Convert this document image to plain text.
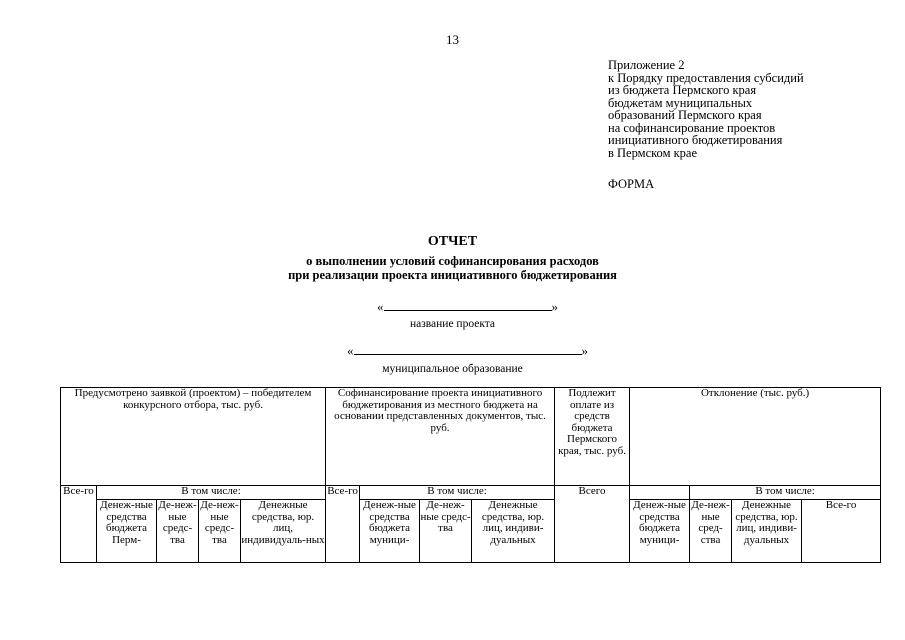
13
Приложение 2
к Порядку предоставления субсидий
из бюджета Пермского края
бюджетам муниципальных
образований Пермского края
на софинансирование проектов
инициативного бюджетирования
в Пермском крае
ФОРМА
ОТЧЕТ
о выполнении условий софинансирования расходов
при реализации проекта инициативного бюджетирования
«	»
название проекта
«	»
муниципальное образование
Предусмотрено заявкой (проектом) – победителем конкурсного отбора, тыс. руб.					Софинансирование проекта инициативного бюджетирования из местного бюджета на основании представленных документов, тыс. руб.				Подлежит оплате из средств бюджета Пермского края, тыс. руб.	Отклонение (тыс. руб.)			
Все-го	В том числе:				Все-го	В том числе:			Всего		В том числе:		
	Денеж-ные средства бюджета Перм-	Де-неж-ные средс-тва	Де-неж-ные средс-тва	Денежные средства, юр. лиц, индивидуаль-ных		Денеж-ные средства бюджета муници-	Де-неж-ные средс-тва	Денежные средства, юр. лиц, индиви-дуальных		Денеж-ные средства бюджета муници-	Де-неж-ные сред-ства	Денежные средства, юр. лиц, индиви-дуальных	Все-го
